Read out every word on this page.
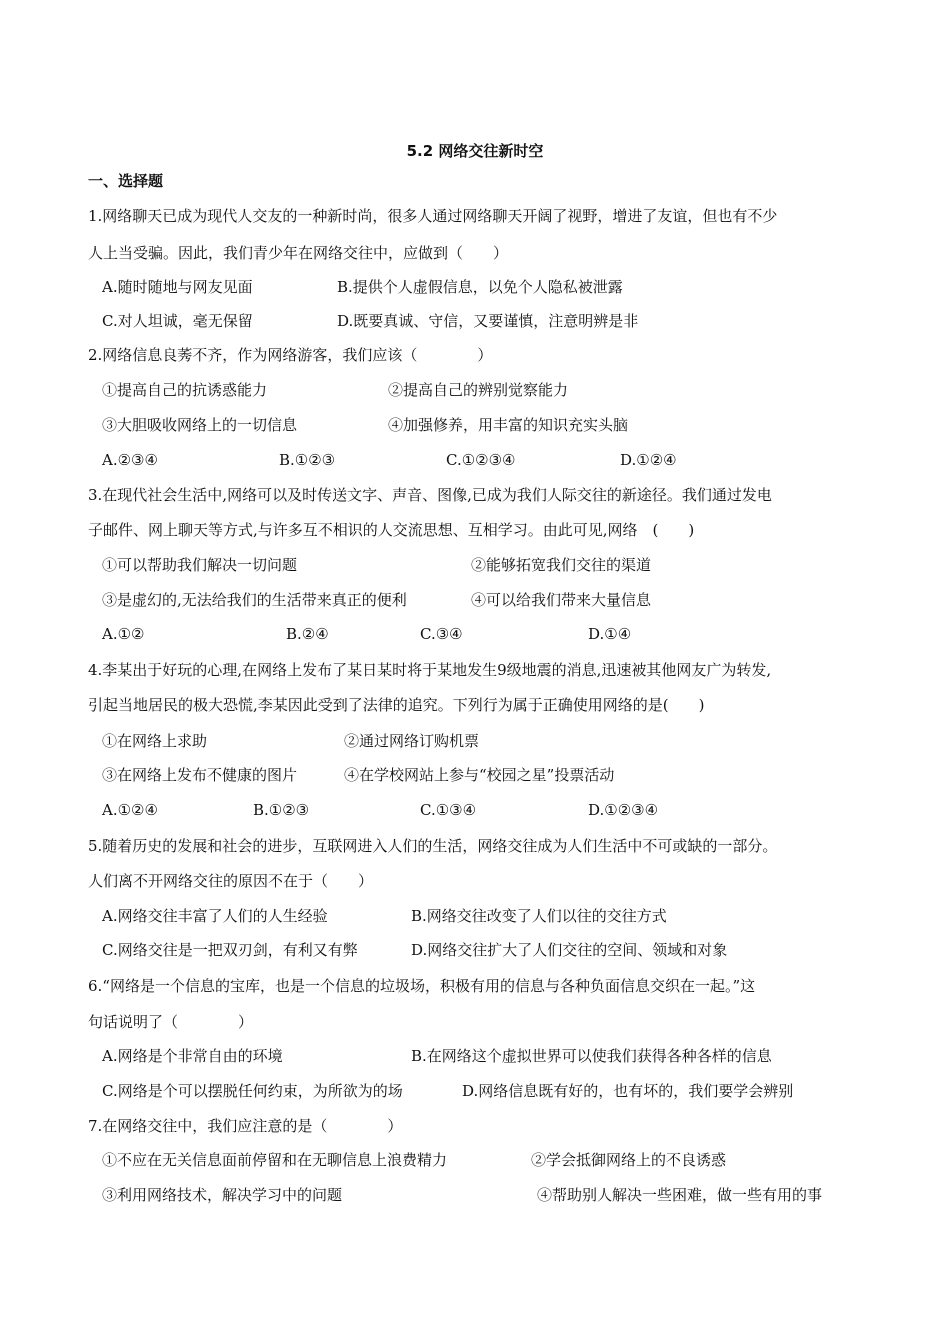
5.2 网络交往新时空
一、选择题
1.网络聊天已成为现代人交友的一种新时尚，很多人通过网络聊天开阔了视野，增进了友谊，但也有不少
人上当受骗。因此，我们青少年在网络交往中，应做到（　　）
A.随时随地与网友见面	B.提供个人虚假信息，以免个人隐私被泄露
C.对人坦诚，毫无保留	D.既要真诚、守信，又要谨慎，注意明辨是非
2.网络信息良莠不齐，作为网络游客，我们应该（　　　　）
①提高自己的抗诱惑能力	②提高自己的辨别觉察能力
③大胆吸收网络上的一切信息	④加强修养，用丰富的知识充实头脑
A.②③④	B.①②③	C.①②③④	D.①②④
3.在现代社会生活中,网络可以及时传送文字、声音、图像,已成为我们人际交往的新途径。我们通过发电
子邮件、网上聊天等方式,与许多互不相识的人交流思想、互相学习。由此可见,网络　(　　)
①可以帮助我们解决一切问题	②能够拓宽我们交往的渠道
③是虚幻的,无法给我们的生活带来真正的便利	④可以给我们带来大量信息
A.①②	B.②④	C.③④	D.①④
4.李某出于好玩的心理,在网络上发布了某日某时将于某地发生9级地震的消息,迅速被其他网友广为转发,
引起当地居民的极大恐慌,李某因此受到了法律的追究。下列行为属于正确使用网络的是(　　)
①在网络上求助	②通过网络订购机票
③在网络上发布不健康的图片	④在学校网站上参与“校园之星”投票活动
A.①②④	B.①②③	C.①③④	D.①②③④
5.随着历史的发展和社会的进步，互联网进入人们的生活，网络交往成为人们生活中不可或缺的一部分。
人们离不开网络交往的原因不在于（　　）
A.网络交往丰富了人们的人生经验	B.网络交往改变了人们以往的交往方式
C.网络交往是一把双刃剑，有利又有弊	D.网络交往扩大了人们交往的空间、领域和对象
6.“网络是一个信息的宝库，也是一个信息的垃圾场，积极有用的信息与各种负面信息交织在一起。”这
句话说明了（　　　　）
A.网络是个非常自由的环境	B.在网络这个虚拟世界可以使我们获得各种各样的信息
C.网络是个可以摆脱任何约束，为所欲为的场	D.网络信息既有好的，也有坏的，我们要学会辨别
7.在网络交往中，我们应注意的是（　　　　）
①不应在无关信息面前停留和在无聊信息上浪费精力	②学会抵御网络上的不良诱惑
③利用网络技术，解决学习中的问题	④帮助别人解决一些困难，做一些有用的事
